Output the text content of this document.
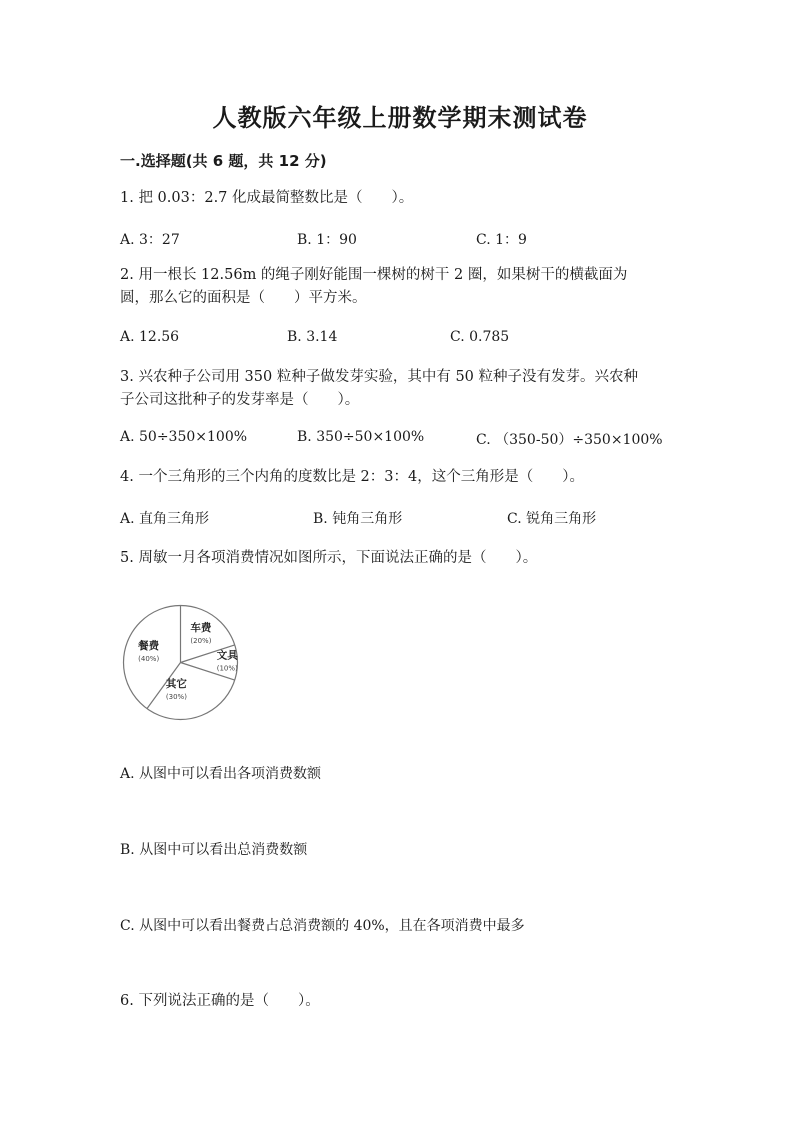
人教版六年级上册数学期末测试卷
一.选择题(共 6 题，共 12 分)
1. 把 0.03：2.7 化成最简整数比是（　　）。
A. 3：27	B. 1：90	C. 1：9
2. 用一根长 12.56m 的绳子刚好能围一棵树的树干 2 圈，如果树干的横截面为
圆，那么它的面积是（　　）平方米。
A. 12.56	B. 3.14	C. 0.785
3. 兴农种子公司用 350 粒种子做发芽实验，其中有 50 粒种子没有发芽。兴农种
子公司这批种子的发芽率是（　　）。
A. 50÷350×100%	B. 350÷50×100%	C. （350-50）÷350×100%
4. 一个三角形的三个内角的度数比是 2：3：4，这个三角形是（　　）。
A. 直角三角形	B. 钝角三角形	C. 锐角三角形
5. 周敏一月各项消费情况如图所示，下面说法正确的是（　　）。
餐费
(40%)
车费
(20%)
文具
(10%)
其它
(30%)
A. 从图中可以看出各项消费数额
B. 从图中可以看出总消费数额
C. 从图中可以看出餐费占总消费额的 40%，且在各项消费中最多
6. 下列说法正确的是（　　）。
